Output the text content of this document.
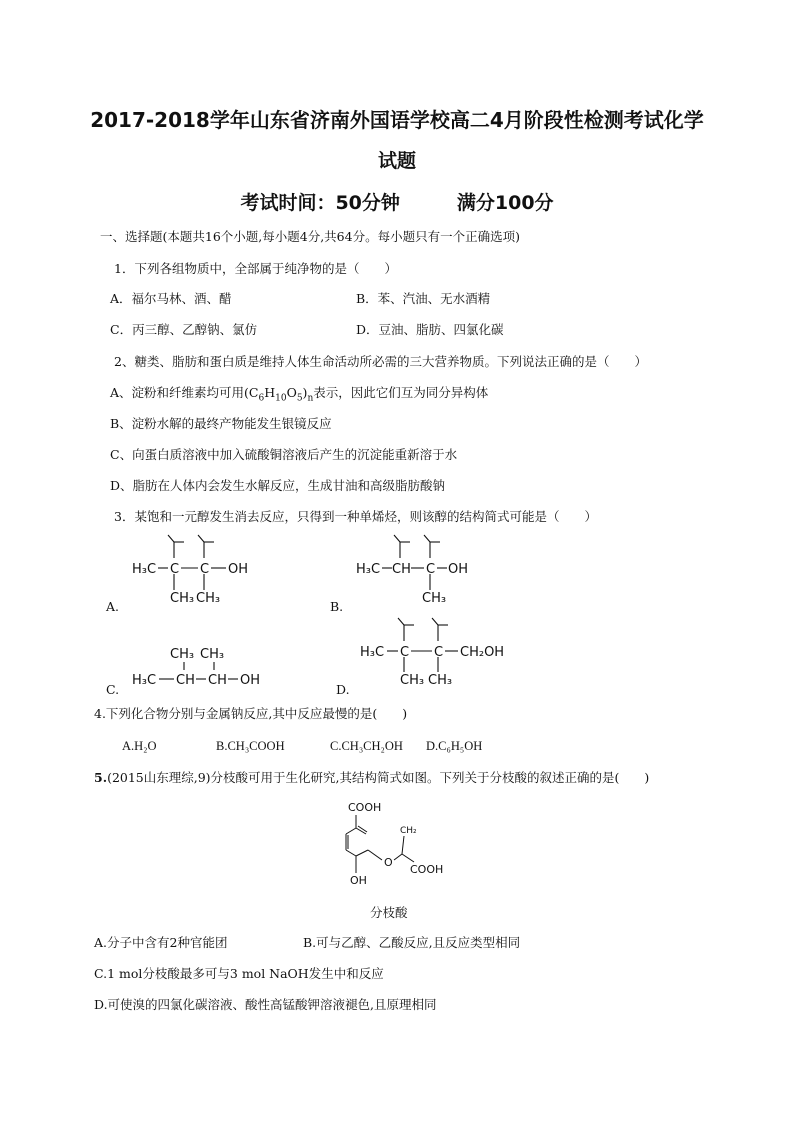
2017-2018学年山东省济南外国语学校高二4月阶段性检测考试化学
试题
考试时间：50分钟　　　满分100分
一、选择题(本题共16个小题,每小题4分,共64分。每小题只有一个正确选项)
1．下列各组物质中，全部属于纯净物的是（　　）
A．福尔马林、酒、醋	B．苯、汽油、无水酒精
C．丙三醇、乙醇钠、氯仿	D．豆油、脂肪、四氯化碳
2、糖类、脂肪和蛋白质是维持人体生命活动所必需的三大营养物质。下列说法正确的是（　　）
A、淀粉和纤维素均可用$(C_6H_{10}O_5)_n$表示，因此它们互为同分异构体
B、淀粉水解的最终产物能发生银镜反应
C、向蛋白质溶液中加入硫酸铜溶液后产生的沉淀能重新溶于水
D、脂肪在人体内会发生水解反应，生成甘油和高级脂肪酸钠
3．某饱和一元醇发生消去反应，只得到一种单烯烃，则该醇的结构简式可能是（　　）
H₃C C C OH
CH₃ CH₃
A.
H₃C CH C OH
CH₃
B.
CH₃ CH₃
H₃C CH CH OH
C.
H₃C C C CH₂OH
CH₃ CH₃
D.
4.下列化合物分别与金属钠反应,其中反应最慢的是(　　)
A.H₂O	B.CH₃COOH	C.CH₃CH₂OH D.C₆H₅OH
5.(2015山东理综,9)分枝酸可用于生化研究,其结构简式如图。下列关于分枝酸的叙述正确的是(　　)
COOH
CH₂
O
COOH
OH
分枝酸
A.分子中含有2种官能团	B.可与乙醇、乙酸反应,且反应类型相同
C.1 mol分枝酸最多可与3 mol NaOH发生中和反应
D.可使溴的四氯化碳溶液、酸性高锰酸钾溶液褪色,且原理相同
